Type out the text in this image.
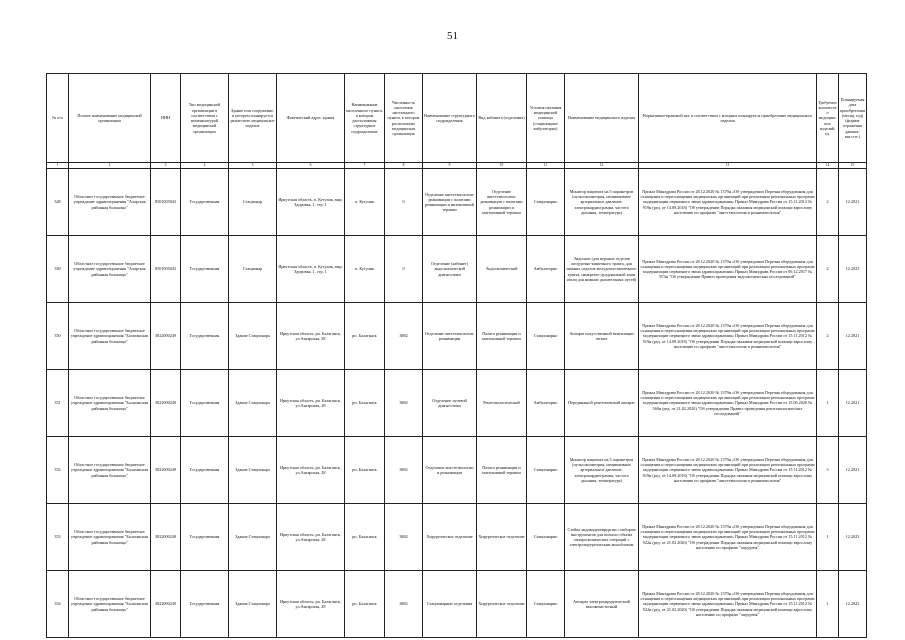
51
№ п/п	Полное наименование медицинской организации	ИНН	Тип медицинской организации в соответствии с номенклатурой медицинской организации	Здание или сооружение, в котором планируется разместить медицинское изделие	Фактический адрес здания	Наименование населенного пункта, в котором расположены структурное подразделение	Численность населения населенного пункта, в котором расположено медицинская организация	Наименование структурного подразделения	Вид кабинета (отделения)	Условия оказания медицинской помощи (стационарно/амбулаторно)	Наименование медицинского изделия	Нормативно-правовой акт, в соответствии с которым планируется приобретение медицинского изделия	Требуемое количество медицинских изделий, ед.	Планируемая дата приобретения (месяц, год) (формат отражения данных: мм.гггг.)
1	2	3	4	5	6	7	8	9	10	11	12	13	14	15
348	Областное государственное бюджетное учреждение здравоохранения "Аларская районная больница"	8501005043	Государственная	Стационар	Иркутская область, п. Кутулик, мкр. Здоровья, 1, стр. 1	п. Кутулик	0	Отделение анестезиологии-реанимации с палатами реанимации и интенсивной терапии	Отделение анестезиологии-реанимации с палатами реанимации и интенсивной терапии	Стационарно	Монитор пациента на 5 параметров (пульсоксиметрия, неинвазивное артериальное давление, электрокардиограмма, частота дыхания, температура)	Приказ Минздрава России от 28.12.2020 № 1379н «Об утверждении Перечня оборудования для оснащения и переоснащения медицинских организаций при реализации региональных программ модернизации первичного звена здравоохранения» Приказ Минздрава России от 15.11.2012 № 919н (ред. от 14.09.2018) "Об утверждении Порядка оказания медицинской помощи взрослому населению по профилю "анестезиология и реаниматология"	2	12.2021
349	Областное государственное бюджетное учреждение здравоохранения "Аларская районная больница"	8501005043	Государственная	Стационар	Иркутская область, п. Кутулик, мкр. Здоровья, 1, стр. 1	п. Кутулик	0	Отделение (кабинет) эндоскопической диагностики	Эндоскопический	Амбулаторно	Эндоскоп (для верхних отделов желудочно-кишечного тракта, для нижних отделов желудочно-кишечного тракта, панкреато-дуоденальной зоны и/или для нижних дыхательных путей)	Приказ Минздрава России от 28.12.2020 № 1379н «Об утверждении Перечня оборудования для оснащения и переоснащения медицинских организаций при реализации региональных программ модернизации первичного звена здравоохранения» Приказ Минздрава России от 06.12.2017 № 974н "Об утверждении Правил проведения эндоскопических исследований"	2	12.2023
350	Областное государственное бюджетное учреждение здравоохранения "Балаганская районная больница"	3822000249	Государственная	Здание Стационара	Иркутская область, рп. Балаганск, ул.Ангарская, 28	рп. Балаганск	3882	Отделение анестезиологии-реанимации	Палата реанимации и интенсивной терапии	Стационарно	Аппарат искусственной вентиляции легких	Приказ Минздрава России от 28.12.2020 № 1379н «Об утверждении Перечня оборудования для оснащения и переоснащения медицинских организаций при реализации региональных программ модернизации первичного звена здравоохранения» Приказ Минздрава России от 15.11.2012 № 919н (ред. от 14.09.2018) "Об утверждении Порядка оказания медицинской помощи взрослому населению по профилю "анестезиология и реаниматология"	2	12.2021
351	Областное государственное бюджетное учреждение здравоохранения "Балаганская районная больница"	3822000249	Государственная	Здание Стационара	Иркутская область, рп. Балаганск, ул.Ангарская, 28	рп. Балаганск	3882	Отделение лучевой диагностики	Рентгенологический	Амбулаторно	Передвижной рентгеновский аппарат	Приказ Минздрава России от 28.12.2020 № 1379н «Об утверждении Перечня оборудования для оснащения и переоснащения медицинских организаций при реализации региональных программ модернизации первичного звена здравоохранения» Приказ Минздрава России от 15.06.2020 № 560н (ред. от 21.02.2020) "Об утверждении Правил проведения рентгенологических исследований"	1	12.2021
352	Областное государственное бюджетное учреждение здравоохранения "Балаганская районная больница"	3822000249	Государственная	Здание Стационара	Иркутская область, рп. Балаганск, ул.Ангарская, 28	рп. Балаганск	3882	Отделение анестезиологии и реанимации	Палата реанимации и интенсивной терапии	Стационарно	Монитор пациента на 5 параметров (пульсоксиметрия, неинвазивное артериальное давление, электрокардиограмма, частота дыхания, температура)	Приказ Минздрава России от 28.12.2020 № 1379н «Об утверждении Перечня оборудования для оснащения и переоснащения медицинских организаций при реализации региональных программ модернизации первичного звена здравоохранения» Приказ Минздрава России от 15.11.2012 № 919н (ред. от 14.09.2018) "Об утверждении Порядка оказания медицинской помощи взрослому населению по профилю "анестезиология и реаниматология"	3	12.2021
353	Областное государственное бюджетное учреждение здравоохранения "Балаганская районная больница"	3822000249	Государственная	Здание Стационара	Иркутская область, рп. Балаганск, ул.Ангарская, 28	рп. Балаганск	3882	Хирургическое отделение	Хирургическое отделение	Стационарно	Стойка эндовидеохирургии с набором инструментов для полного объема лапароскопических операций с электрохирургическим моноблоком	Приказ Минздрава России от 28.12.2020 № 1379н «Об утверждении Перечня оборудования для оснащения и переоснащения медицинских организаций при реализации региональных программ модернизации первичного звена здравоохранения» Приказ Минздрава России от 15.11.2012 № 922н (ред. от 21.02.2020) "Об утверждении Порядка оказания медицинской помощи взрослому населению по профилю "хирургия"	1	12.2023
354	Областное государственное бюджетное учреждение здравоохранения "Балаганская районная больница"	3822000249	Государственная	Здание Стационара	Иркутская область, рп. Балаганск, ул.Ангарская, 28	рп. Балаганск	3882	Стационарные отделения	Хирургическое отделение	Стационарно	Аппарат электрохирургический высокочастотный	Приказ Минздрава России от 28.12.2020 № 1379н «Об утверждении Перечня оборудования для оснащения и переоснащения медицинских организаций при реализации региональных программ модернизации первичного звена здравоохранения» Приказ Минздрава России от 15.11.2012 № 922н (ред. от 21.02.2020) "Об утверждении Порядка оказания медицинской помощи взрослому населению по профилю "хирургия"	1	12.2025
